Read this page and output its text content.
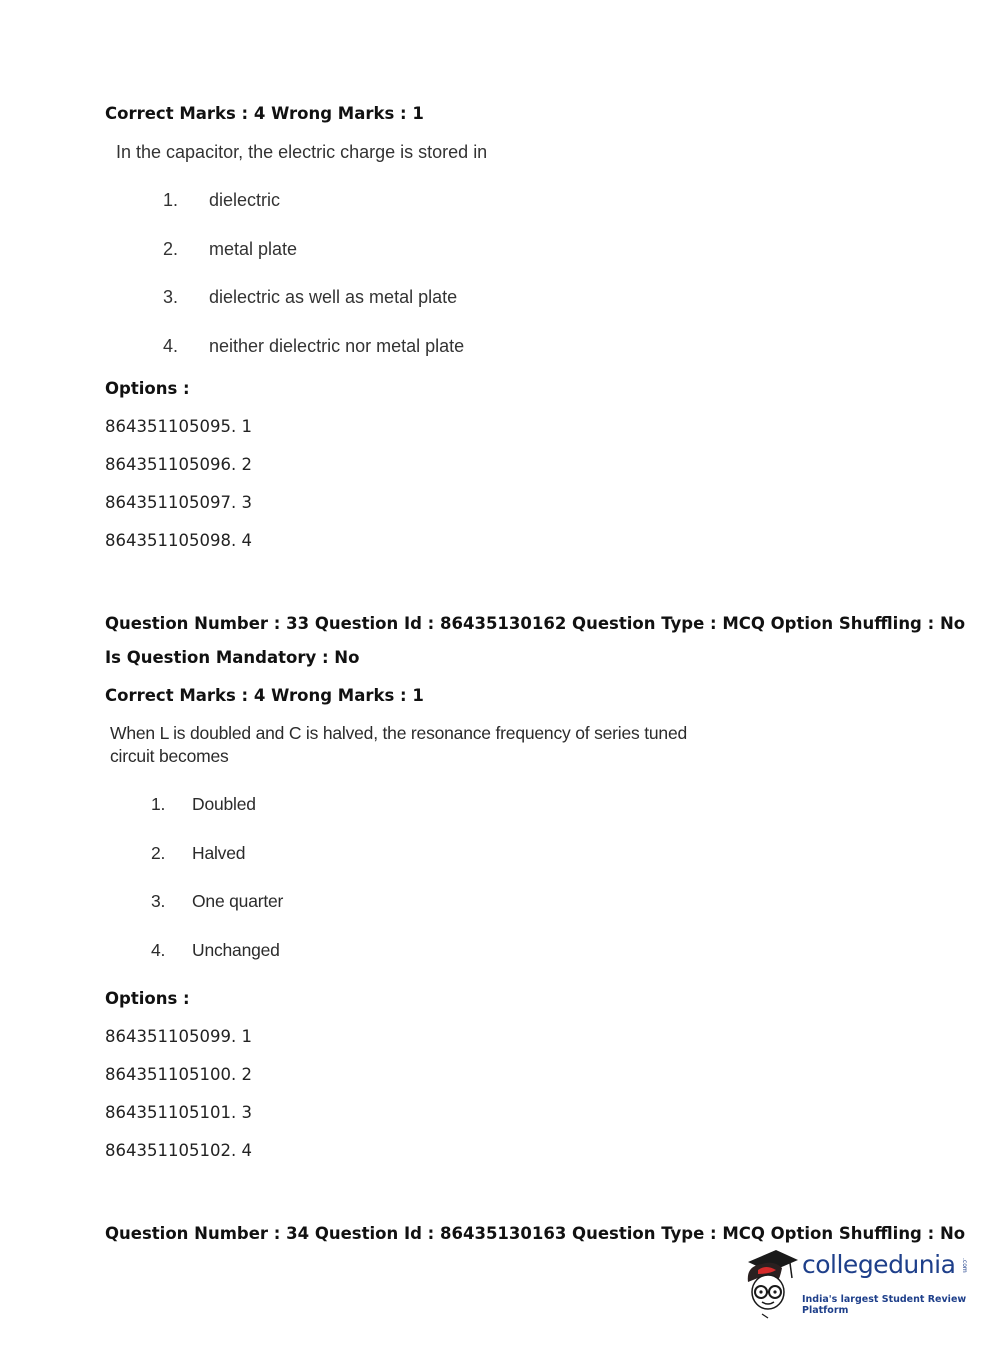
Correct Marks : 4 Wrong Marks : 1
In the capacitor, the electric charge is stored in
1. dielectric
2. metal plate
3. dielectric as well as metal plate
4. neither dielectric nor metal plate
Options :
864351105095. 1
864351105096. 2
864351105097. 3
864351105098. 4
Question Number : 33 Question Id : 86435130162 Question Type : MCQ Option Shuffling : No
Is Question Mandatory : No
Correct Marks : 4 Wrong Marks : 1
When L is doubled and C is halved, the resonance frequency of series tuned
circuit becomes
1. Doubled
2. Halved
3. One quarter
4. Unchanged
Options :
864351105099. 1
864351105100. 2
864351105101. 3
864351105102. 4
Question Number : 34 Question Id : 86435130163 Question Type : MCQ Option Shuffling : No
collegedunia .com
India's largest Student Review Platform
